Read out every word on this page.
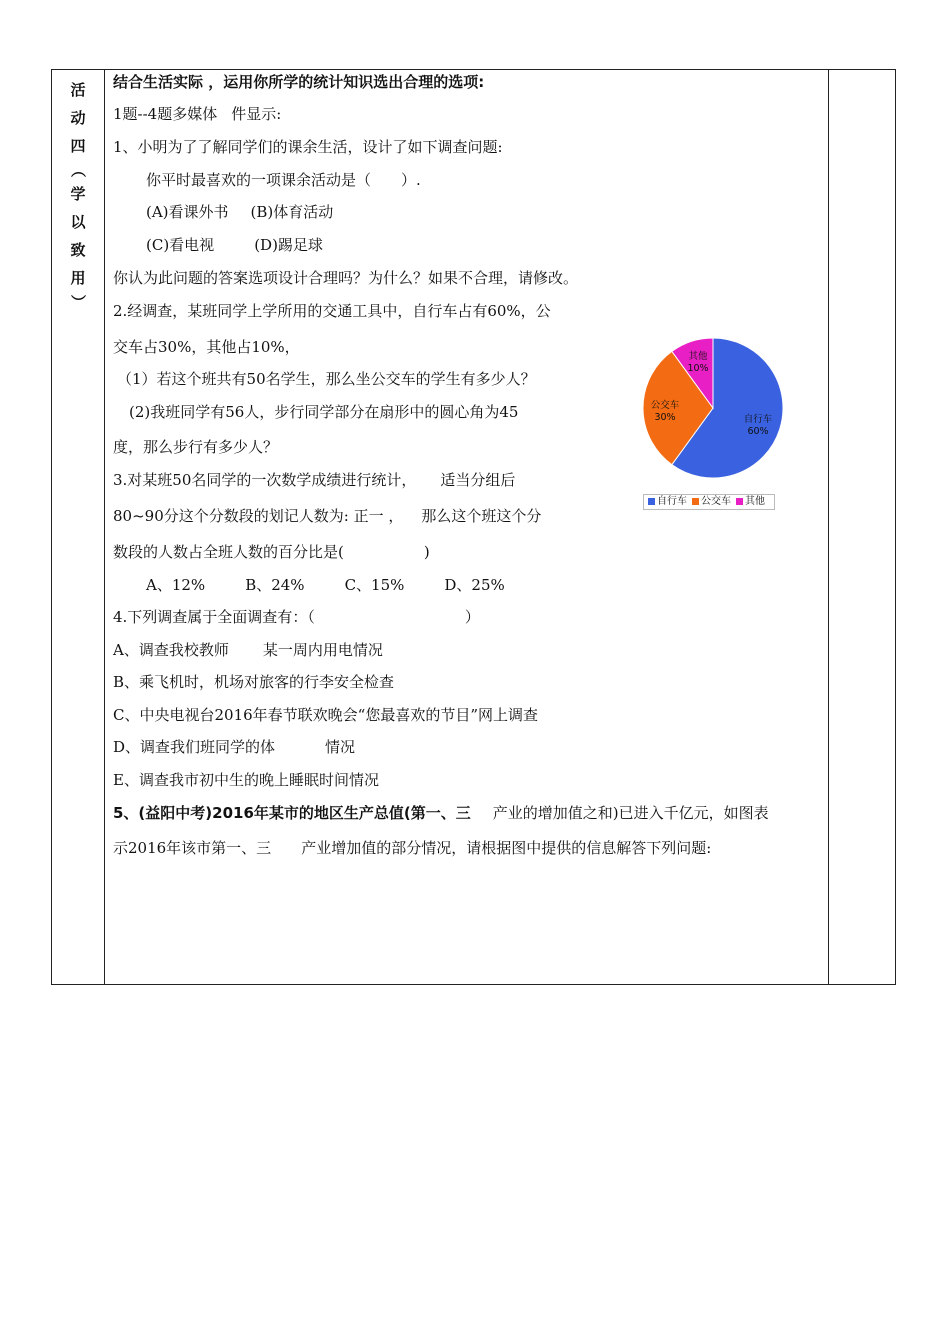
活
动
四
（
学
以
致
用
）
结合生活实际 ，运用你所学的统计知识选出合理的选项:
1题--4题多媒体 件显示:
1、小明为了了解同学们的课余生活，设计了如下调查问题:
你平时最喜欢的一项课余活动是（　　）.
(A)看课外书 (B)体育活动
(C)看电视	(D)踢足球
你认为此问题的答案选项设计合理吗？为什么？如果不合理，请修改。
2.经调查，某班同学上学所用的交通工具中，自行车占有60%，公
交车占30%，其他占10%，
（1）若这个班共有50名学生，那么坐公交车的学生有多少人？
(2)我班同学有56人，步行同学部分在扇形中的圆心角为45
度，那么步行有多少人？
3.对某班50名同学的一次数学成绩进行统计， 适当分组后
80~90分这个分数段的划记人数为: 正一 ， 那么这个班这个分
数段的人数占全班人数的百分比是(	)
A、12%	B、24%	C、15%	D、25%
4.下列调查属于全面调查有：（	）
A、调查我校教师 某一周内用电情况
B、乘飞机时，机场对旅客的行李安全检查
C、中央电视台2016年春节联欢晚会“您最喜欢的节目”网上调查
D、调查我们班同学的体	情况
E、调查我市初中生的晚上睡眠时间情况
5、(益阳中考)2016年某市的地区生产总值(第一、三 产业的增加值之和)已进入千亿元，如图表
示2016年该市第一、三 产业增加值的部分情况，请根据图中提供的信息解答下列问题:
自行车
60%
公交车
30%
其他
10%
自行车 公交车 其他
